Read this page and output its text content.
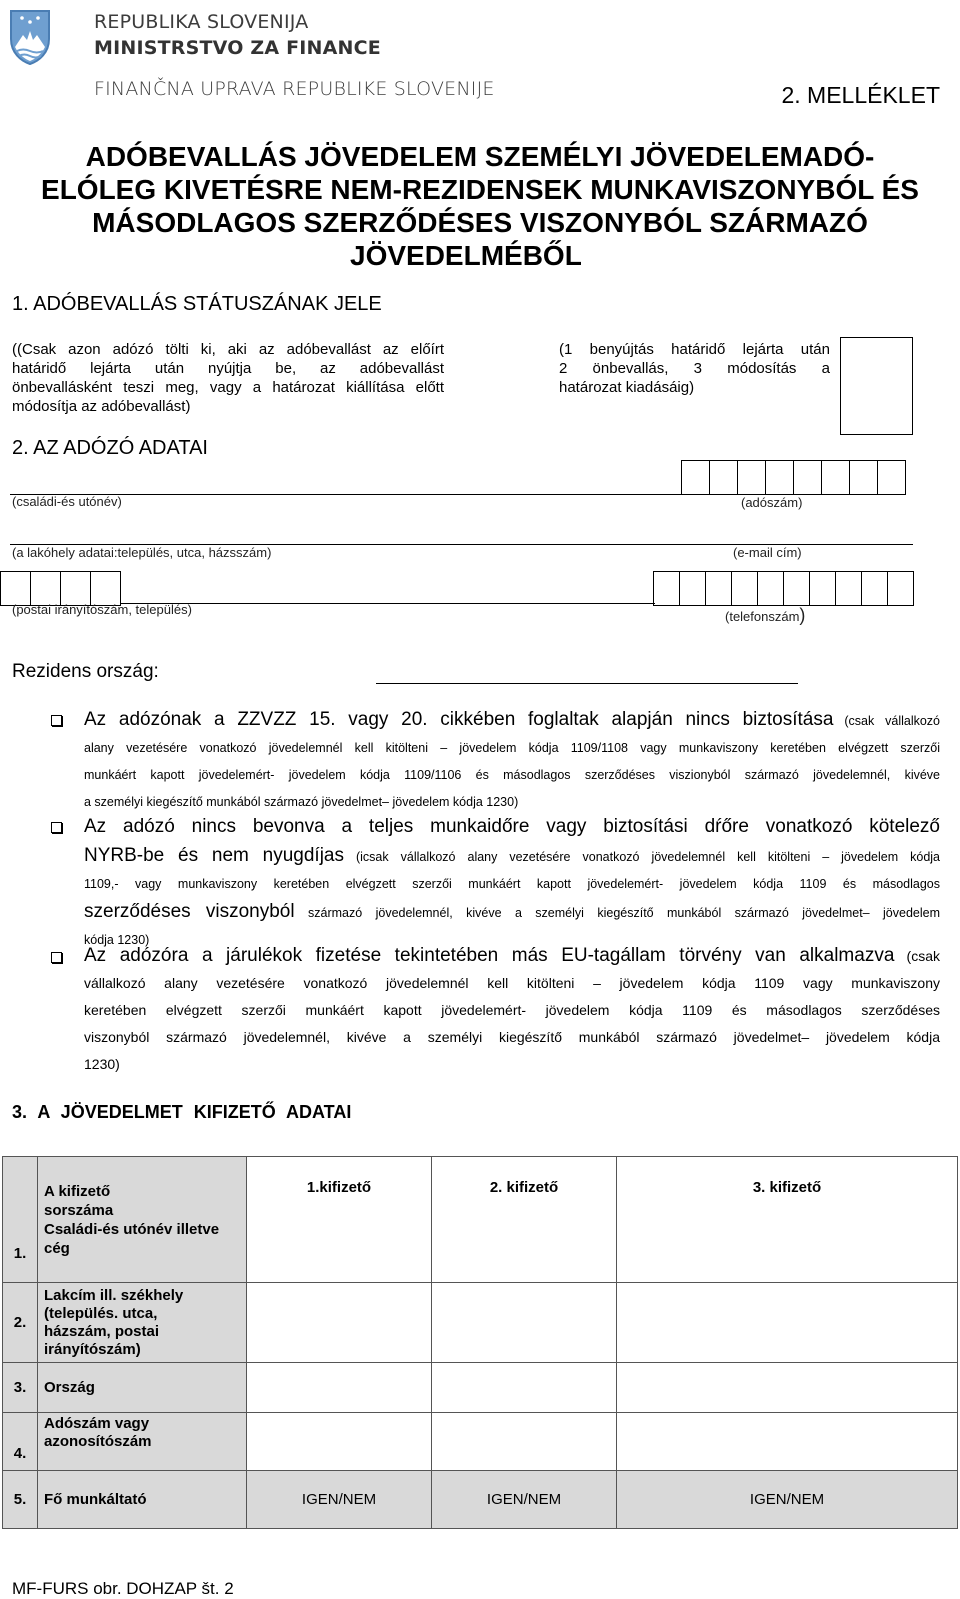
REPUBLIKA SLOVENIJA
MINISTRSTVO ZA FINANCE
FINANČNA UPRAVA REPUBLIKE SLOVENIJE	2. MELLÉKLET
ADÓBEVALLÁS JÖVEDELEM SZEMÉLYI JÖVEDELEMADÓ-
ELÓLEG KIVETÉSRE NEM-REZIDENSEK MUNKAVISZONYBÓL ÉS
MÁSODLAGOS SZERZŐDÉSES VISZONYBÓL SZÁRMAZÓ
JÖVEDELMÉBŐL
1. ADÓBEVALLÁS STÁTUSZÁNAK JELE
((Csak azon adózó tölti ki, aki az adóbevallást az előírt
határidő lejárta után nyújtja be, az adóbevallást
önbevallásként teszi meg, vagy a határozat kiállítása előtt
módosítja az adóbevallást)
(1 benyújtás határidő lejárta után
2 önbevallás, 3 módosítás a
határozat kiadásáig)
2. AZ ADÓZÓ ADATAI
(családi-és utónév)	(adószám)
(a lakóhely adatai:település, utca, házsszám)	(e-mail cím)
(postai irányítószám, település)	(telefonszám)
Rezidens ország:
Az adózónak a ZZVZZ 15. vagy 20. cikkében foglaltak alapján nincs biztosítása (csak vállalkozó
alany vezetésére vonatkozó jövedelemnél kell kitölteni – jövedelem kódja 1109/1108 vagy munkaviszony keretében elvégzett szerzői
munkáért kapott jövedelemért- jövedelem kódja 1109/1106 és másodlagos szerződéses viszionyból származó jövedelemnél, kivéve
a személyi kiegészítő munkából származó jövedelmet– jövedelem kódja 1230)
Az adózó nincs bevonva a teljes munkaidőre vagy biztosítási dŕőre vonatkozó kötelező
NYRB-be és nem nyugdíjas (icsak vállalkozó alany vezetésére vonatkozó jövedelemnél kell kitölteni – jövedelem kódja
1109,- vagy munkaviszony keretében elvégzett szerzői munkáért kapott jövedelemért- jövedelem kódja 1109 és másodlagos
szerződéses viszonyból származó jövedelemnél, kivéve a személyi kiegészítő munkából származó jövedelmet– jövedelem
kódja 1230)
Az adózóra a járulékok fizetése tekintetében más EU-tagállam törvény van alkalmazva (csak
vállalkozó alany vezetésére vonatkozó jövedelemnél kell kitölteni – jövedelem kódja 1109 vagy munkaviszony
keretében elvégzett szerzői munkáért kapott jövedelemért- jövedelem kódja 1109 és másodlagos szerződéses
viszonyból származó jövedelemnél, kivéve a személyi kiegészítő munkából származó jövedelmet– jövedelem kódja
1230)
3. A JÖVEDELMET KIFIZETŐ ADATAI
1.	A kifizető
sorszáma
Családi-és utónév illetve
cég	1.kifizető	2. kifizető	3. kifizető
2.	Lakcím ill. székhely
(település. utca,
házszám, postai
irányítószám)			
3.	Ország			
4.	Adószám vagy
azonosítószám			
5.	Fő munkáltató	IGEN/NEM	IGEN/NEM	IGEN/NEM
MF-FURS obr. DOHZAP št. 2
